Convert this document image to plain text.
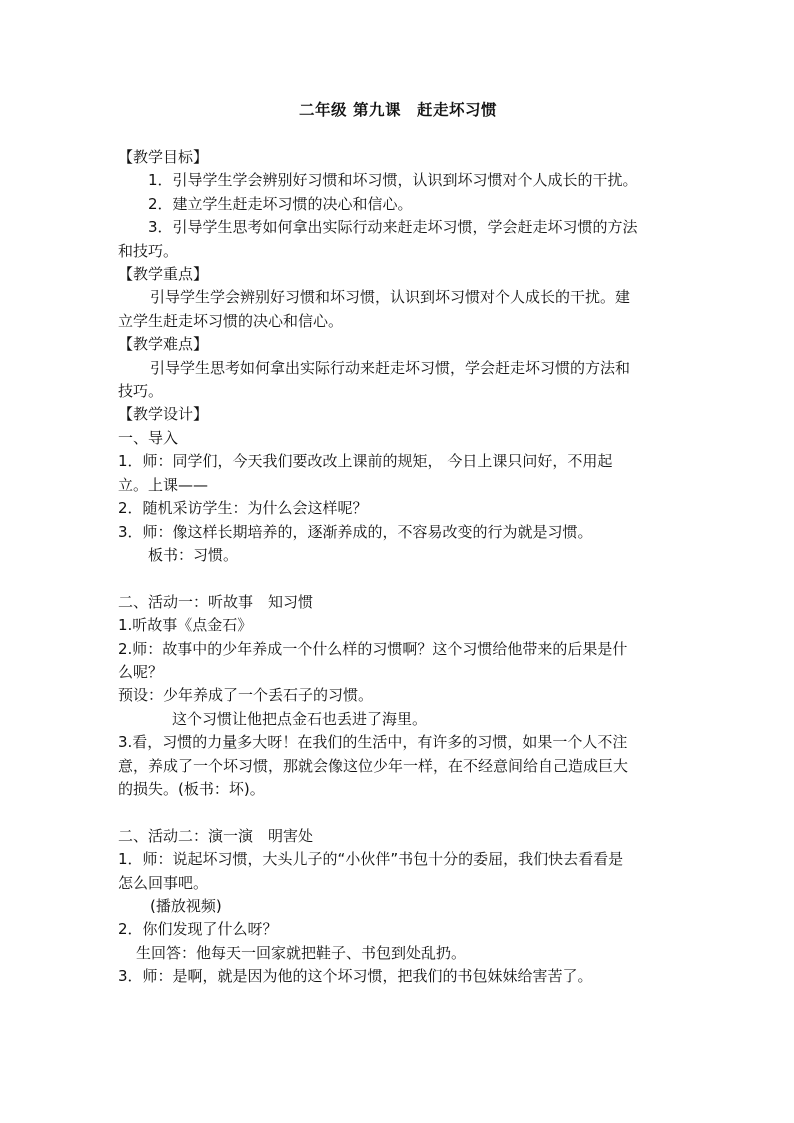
二年级 第九课　赶走坏习惯
【教学目标】
1．引导学生学会辨别好习惯和坏习惯，认识到坏习惯对个人成长的干扰。
2．建立学生赶走坏习惯的决心和信心。
3．引导学生思考如何拿出实际行动来赶走坏习惯，学会赶走坏习惯的方法
和技巧。
【教学重点】
引导学生学会辨别好习惯和坏习惯，认识到坏习惯对个人成长的干扰。建
立学生赶走坏习惯的决心和信心。
【教学难点】
引导学生思考如何拿出实际行动来赶走坏习惯，学会赶走坏习惯的方法和
技巧。
【教学设计】
一、导入
1．师：同学们，今天我们要改改上课前的规矩， 今日上课只问好，不用起
立。上课——
2．随机采访学生：为什么会这样呢？
3．师：像这样长期培养的，逐渐养成的，不容易改变的行为就是习惯。
板书：习惯。
二、活动一：听故事　知习惯
1.听故事《点金石》
2.师：故事中的少年养成一个什么样的习惯啊？这个习惯给他带来的后果是什
么呢？
预设：少年养成了一个丢石子的习惯。
这个习惯让他把点金石也丢进了海里。
3.看，习惯的力量多大呀！在我们的生活中，有许多的习惯，如果一个人不注
意，养成了一个坏习惯，那就会像这位少年一样，在不经意间给自己造成巨大
的损失。(板书：坏)。
二、活动二：演一演　明害处
1．师：说起坏习惯，大头儿子的“小伙伴”书包十分的委屈，我们快去看看是
怎么回事吧。
(播放视频)
2．你们发现了什么呀？
生回答：他每天一回家就把鞋子、书包到处乱扔。
3．师：是啊，就是因为他的这个坏习惯，把我们的书包妹妹给害苦了。
